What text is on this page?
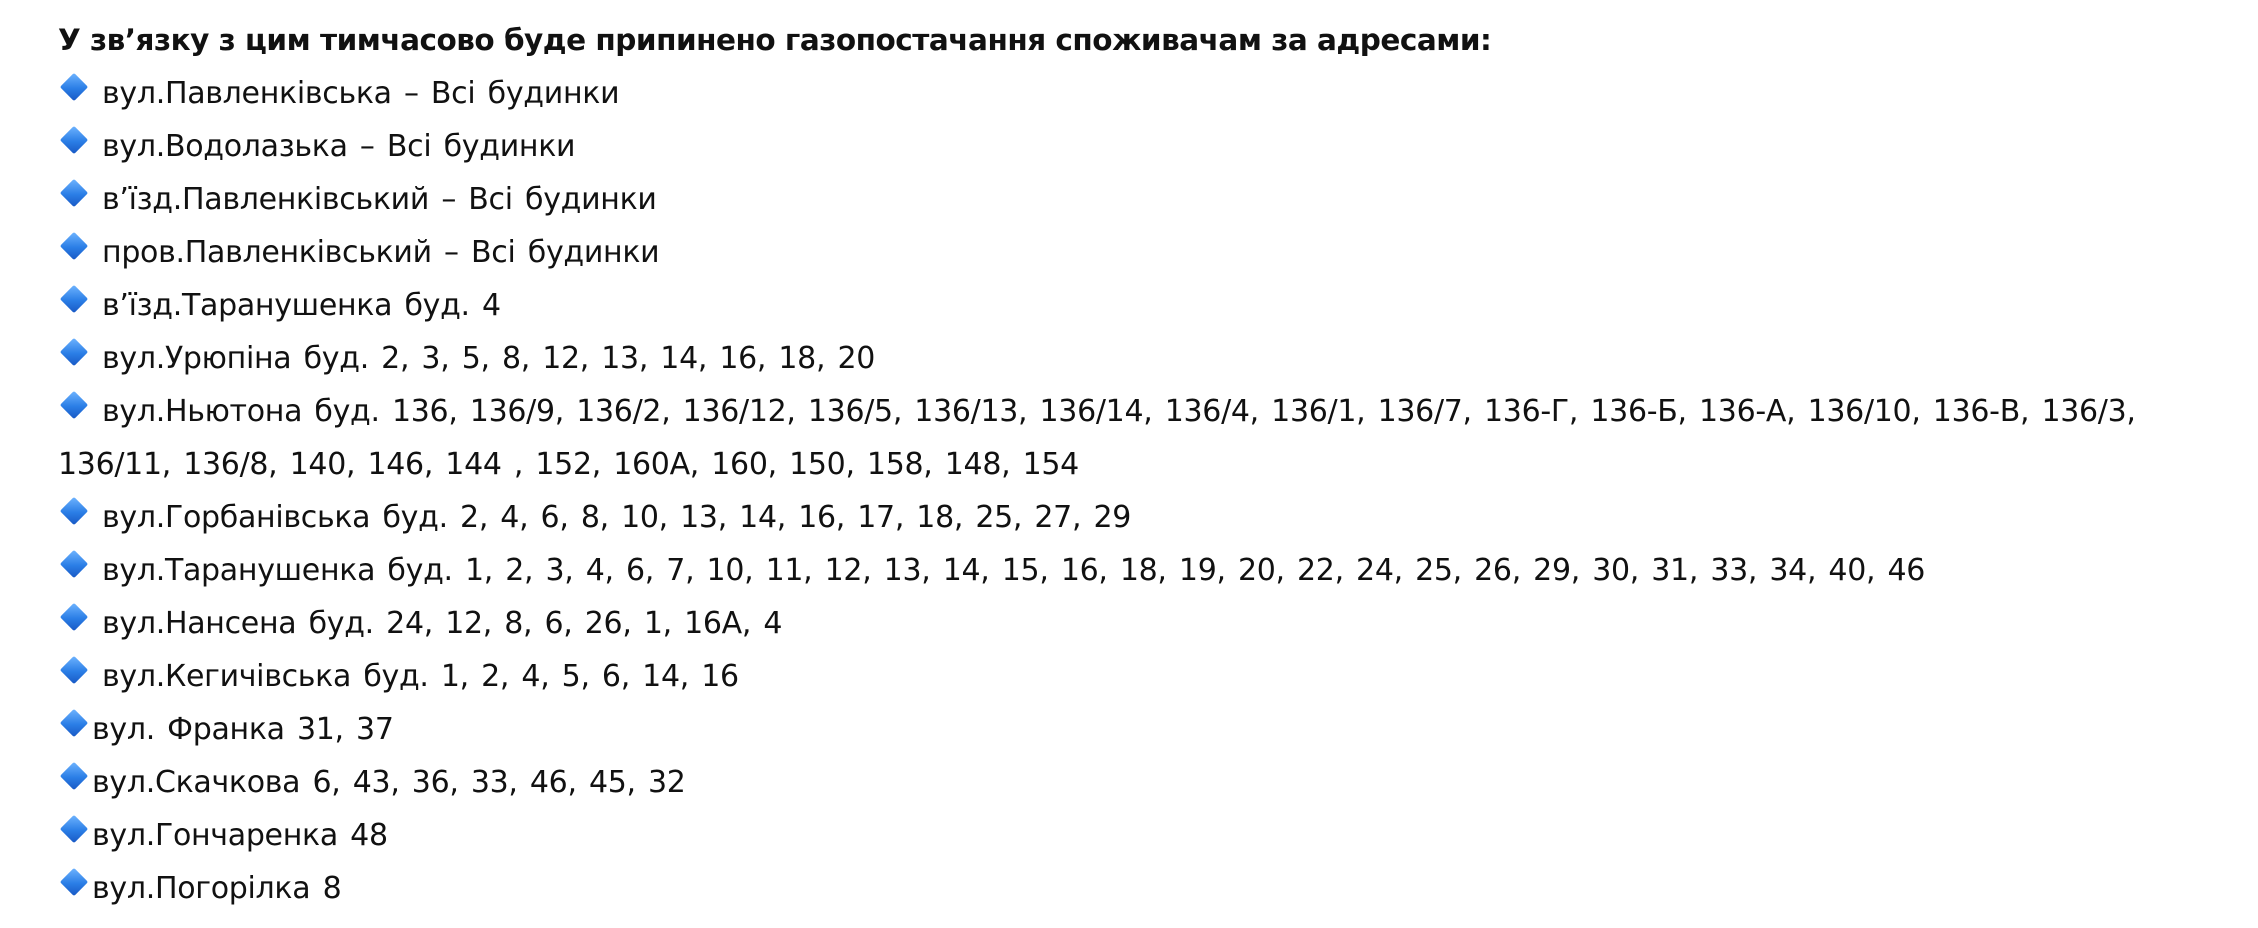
У зв’язку з цим тимчасово буде припинено газопостачання споживачам за адресами:

вул.Павленківська – Всі будинки
вул.Водолазька – Всі будинки
в’їзд.Павленківський – Всі будинки
пров.Павленківський – Всі будинки
в’їзд.Таранушенка буд. 4
вул.Урюпіна буд. 2, 3, 5, 8, 12, 13, 14, 16, 18, 20
вул.Ньютона буд. 136, 136/9, 136/2, 136/12, 136/5, 136/13, 136/14, 136/4, 136/1, 136/7, 136-Г, 136-Б, 136-А, 136/10, 136-В, 136/3, 136/11, 136/8, 140, 146, 144 , 152, 160А, 160, 150, 158, 148, 154
вул.Горбанівська буд. 2, 4, 6, 8, 10, 13, 14, 16, 17, 18, 25, 27, 29
вул.Таранушенка буд. 1, 2, 3, 4, 6, 7, 10, 11, 12, 13, 14, 15, 16, 18, 19, 20, 22, 24, 25, 26, 29, 30, 31, 33, 34, 40, 46
вул.Нансена буд. 24, 12, 8, 6, 26, 1, 16А, 4
вул.Кегичівська буд. 1, 2, 4, 5, 6, 14, 16
вул. Франка 31, 37
вул.Скачкова 6, 43, 36, 33, 46, 45, 32
вул.Гончаренка 48
вул.Погорілка 8
